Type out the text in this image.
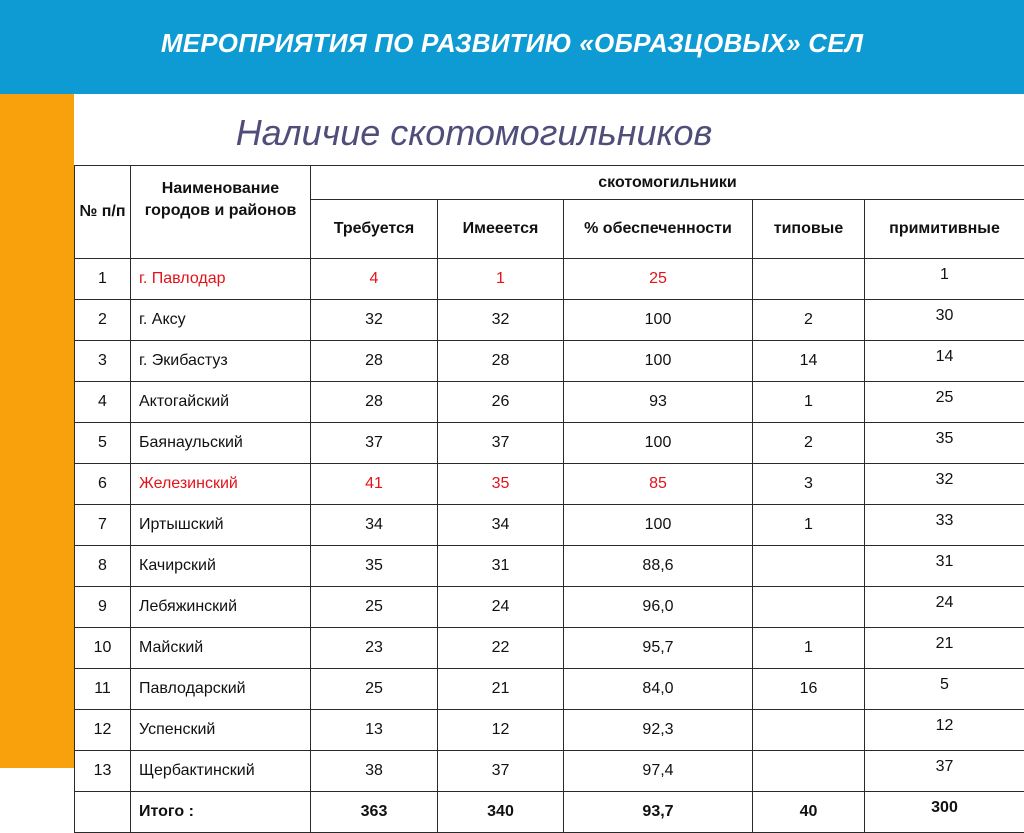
МЕРОПРИЯТИЯ ПО РАЗВИТИЮ «ОБРАЗЦОВЫХ» СЕЛ
Наличие скотомогильников
№ п/п	Наименование городов и районов	скотомогильники				
		Требуется	Имееется	% обеспеченности	типовые	примитивные
1	г. Павлодар	4	1	25		1
2	г. Аксу	32	32	100	2	30
3	г. Экибастуз	28	28	100	14	14
4	Актогайский	28	26	93	1	25
5	Баянаульский	37	37	100	2	35
6	Железинский	41	35	85	3	32
7	Иртышский	34	34	100	1	33
8	Качирский	35	31	88,6		31
9	Лебяжинский	25	24	96,0		24
10	Майский	23	22	95,7	1	21
11	Павлодарский	25	21	84,0	16	5
12	Успенский	13	12	92,3		12
13	Щербактинский	38	37	97,4		37
	Итого :	363	340	93,7	40	300
